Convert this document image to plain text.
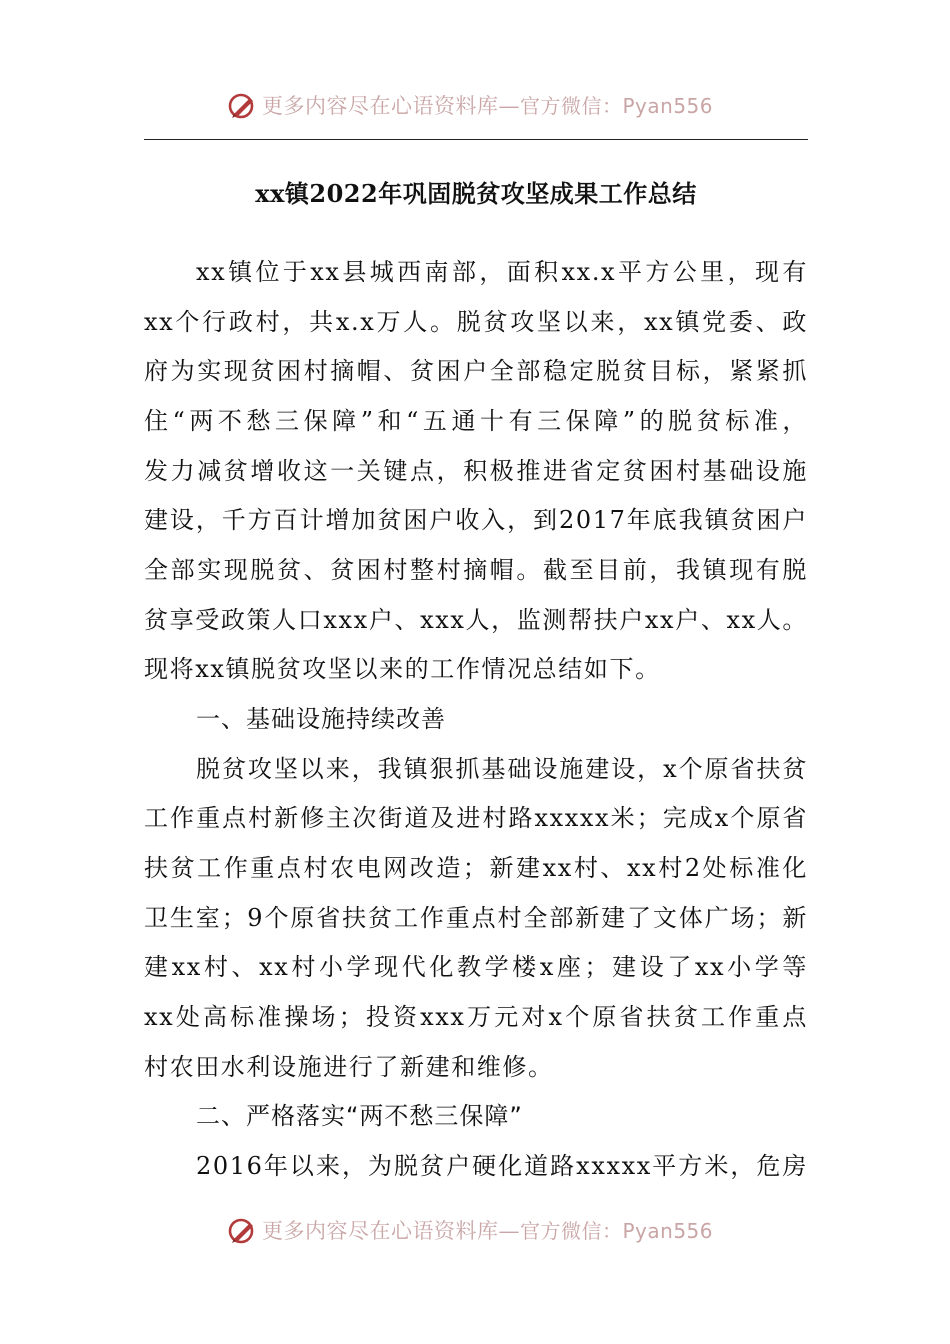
更多内容尽在心语资料库—官方微信：Pyan556
xx镇2022年巩固脱贫攻坚成果工作总结
xx镇位于xx县城西南部，面积xx.x平方公里，现有
xx个行政村，共x.x万人。脱贫攻坚以来，xx镇党委、政
府为实现贫困村摘帽、贫困户全部稳定脱贫目标，紧紧抓
住“两不愁三保障”和“五通十有三保障”的脱贫标准，
发力减贫增收这一关键点，积极推进省定贫困村基础设施
建设，千方百计增加贫困户收入，到2017年底我镇贫困户
全部实现脱贫、贫困村整村摘帽。截至目前，我镇现有脱
贫享受政策人口xxx户、xxx人，监测帮扶户xx户、xx人。
现将xx镇脱贫攻坚以来的工作情况总结如下。
一、基础设施持续改善
脱贫攻坚以来，我镇狠抓基础设施建设，x个原省扶贫
工作重点村新修主次街道及进村路xxxxx米；完成x个原省
扶贫工作重点村农电网改造；新建xx村、xx村2处标准化
卫生室；9个原省扶贫工作重点村全部新建了文体广场；新
建xx村、xx村小学现代化教学楼x座；建设了xx小学等
xx处高标准操场；投资xxx万元对x个原省扶贫工作重点
村农田水利设施进行了新建和维修。
二、严格落实“两不愁三保障”
2016年以来，为脱贫户硬化道路xxxxx平方米，危房
更多内容尽在心语资料库—官方微信：Pyan556
